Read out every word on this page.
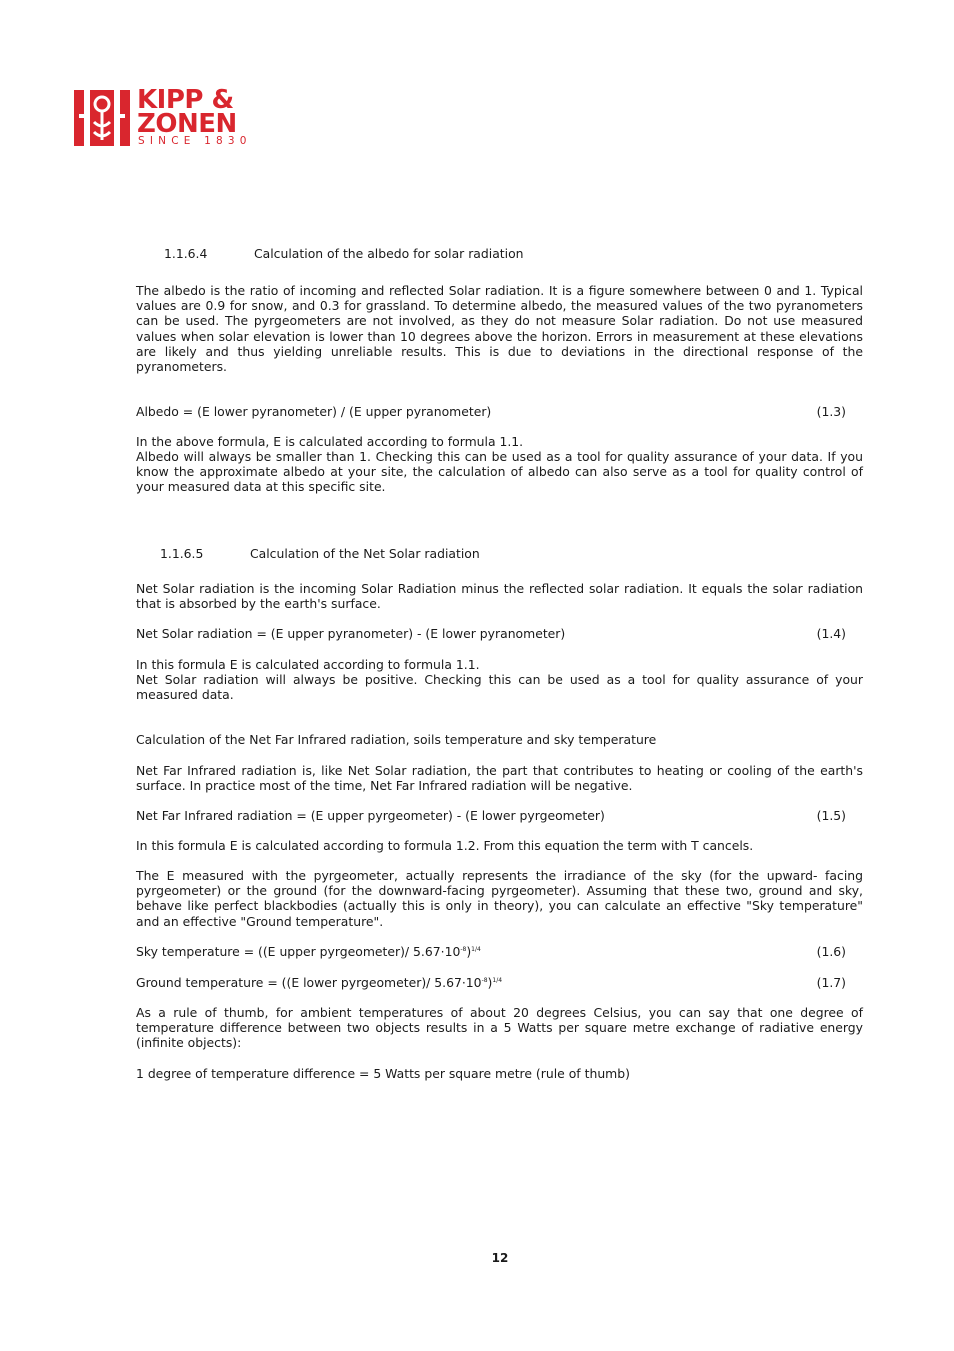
KIPP &
ZONEN
SINCE 1830

1.1.6.4	Calculation of the albedo for solar radiation

The albedo is the ratio of incoming and reflected Solar radiation. It is a figure somewhere between 0 and 1. Typical values are 0.9 for snow, and 0.3 for grassland. To determine albedo, the measured values of the two pyranometers can be used. The pyrgeometers are not involved, as they do not measure Solar radiation. Do not use measured values when solar elevation is lower than 10 degrees above the horizon. Errors in measurement at these elevations are likely and thus yielding unreliable results. This is due to deviations in the directional response of the pyranometers.

Albedo = (E lower pyranometer) / (E upper pyranometer)	(1.3)

In the above formula, E is calculated according to formula 1.1.

Albedo will always be smaller than 1. Checking this can be used as a tool for quality assurance of your data. If you know the approximate albedo at your site, the calculation of albedo can also serve as a tool for quality control of your measured data at this specific site.

1.1.6.5	Calculation of the Net Solar radiation

Net Solar radiation is the incoming Solar Radiation minus the reflected solar radiation. It equals the solar radiation that is absorbed by the earth's surface.

Net Solar radiation = (E upper pyranometer) - (E lower pyranometer)	(1.4)

In this formula E is calculated according to formula 1.1.

Net Solar radiation will always be positive. Checking this can be used as a tool for quality assurance of your measured data.

Calculation of the Net Far Infrared radiation, soils temperature and sky temperature

Net Far Infrared radiation is, like Net Solar radiation, the part that contributes to heating or cooling of the earth's surface. In practice most of the time, Net Far Infrared radiation will be negative.

Net Far Infrared radiation = (E upper pyrgeometer) - (E lower pyrgeometer)	(1.5)

In this formula E is calculated according to formula 1.2. From this equation the term with T cancels.

The E measured with the pyrgeometer, actually represents the irradiance of the sky (for the upward- facing pyrgeometer) or the ground (for the downward-facing pyrgeometer). Assuming that these two, ground and sky, behave like perfect blackbodies (actually this is only in theory), you can calculate an effective "Sky temperature" and an effective "Ground temperature".

Sky temperature = ((E upper pyrgeometer)/ $5.67\cdot 10^{-8})^{1/4}$	(1.6)

Ground temperature = ((E lower pyrgeometer)/ $5.67\cdot 10^{-8})^{1/4}$	(1.7)

As a rule of thumb, for ambient temperatures of about 20 degrees Celsius, you can say that one degree of temperature difference between two objects results in a 5 Watts per square metre exchange of radiative energy (infinite objects):

1 degree of temperature difference = 5 Watts per square metre (rule of thumb)

12
